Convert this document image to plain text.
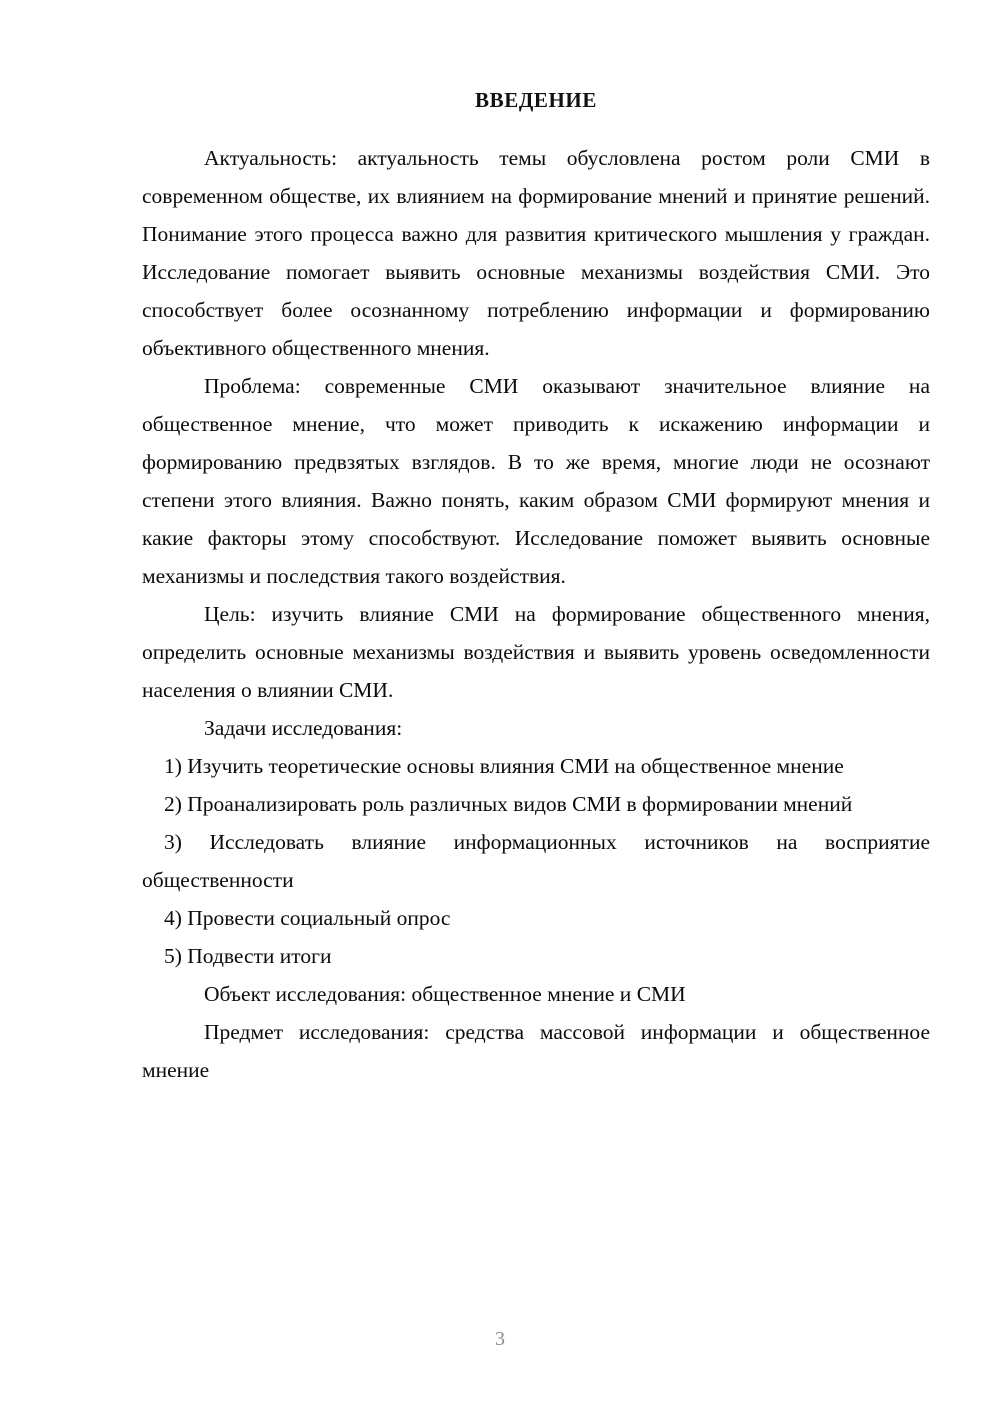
ВВЕДЕНИЕ

Актуальность: актуальность темы обусловлена ростом роли СМИ в современном обществе, их влиянием на формирование мнений и принятие решений. Понимание этого процесса важно для развития критического мышления у граждан. Исследование помогает выявить основные механизмы воздействия СМИ. Это способствует более осознанному потреблению информации и формированию объективного общественного мнения.

Проблема: современные СМИ оказывают значительное влияние на общественное мнение, что может приводить к искажению информации и формированию предвзятых взглядов. В то же время, многие люди не осознают степени этого влияния. Важно понять, каким образом СМИ формируют мнения и какие факторы этому способствуют. Исследование поможет выявить основные механизмы и последствия такого воздействия.

Цель: изучить влияние СМИ на формирование общественного мнения, определить основные механизмы воздействия и выявить уровень осведомленности населения о влиянии СМИ.

Задачи исследования:

1) Изучить теоретические основы влияния СМИ на общественное мнение

2) Проанализировать роль различных видов СМИ в формировании мнений

3) Исследовать влияние информационных источников на восприятие общественности

4) Провести социальный опрос

5) Подвести итоги

Объект исследования: общественное мнение и СМИ

Предмет исследования: средства массовой информации и общественное мнение

3
